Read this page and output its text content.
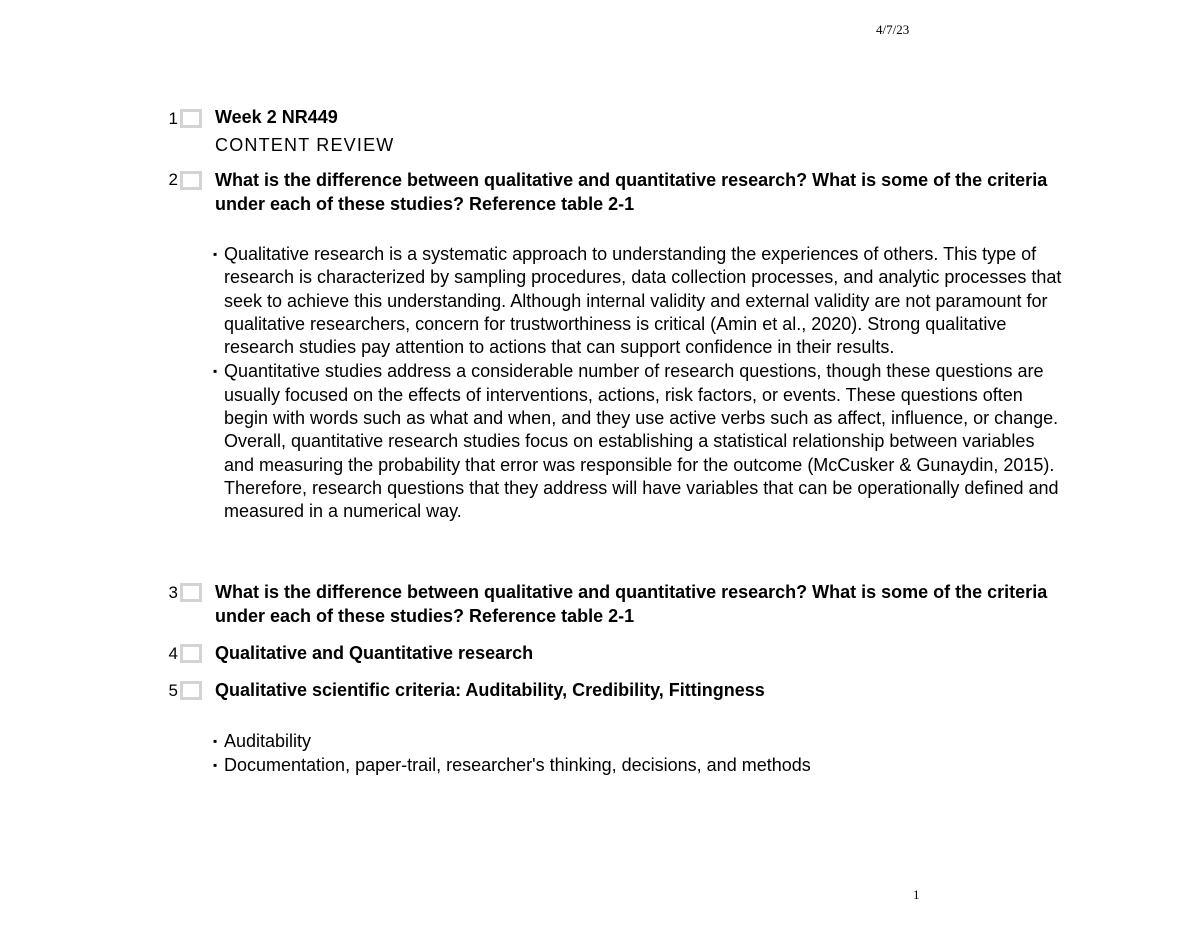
4/7/23
1 Week 2 NR449
CONTENT REVIEW
2 What is the difference between qualitative and quantitative research? What is some of the criteria under each of these studies? Reference table 2-1
▪ Qualitative research is a systematic approach to understanding the experiences of others. This type of research is characterized by sampling procedures, data collection processes, and analytic processes that seek to achieve this understanding. Although internal validity and external validity are not paramount for qualitative researchers, concern for trustworthiness is critical (Amin et al., 2020). Strong qualitative research studies pay attention to actions that can support confidence in their results.
▪ Quantitative studies address a considerable number of research questions, though these questions are usually focused on the effects of interventions, actions, risk factors, or events. These questions often begin with words such as what and when, and they use active verbs such as affect, influence, or change. Overall, quantitative research studies focus on establishing a statistical relationship between variables and measuring the probability that error was responsible for the outcome (McCusker & Gunaydin, 2015). Therefore, research questions that they address will have variables that can be operationally defined and measured in a numerical way.
3 What is the difference between qualitative and quantitative research? What is some of the criteria under each of these studies? Reference table 2-1
4 Qualitative and Quantitative research
5 Qualitative scientific criteria: Auditability, Credibility, Fittingness
▪ Auditability
▪ Documentation, paper-trail, researcher's thinking, decisions, and methods
1
